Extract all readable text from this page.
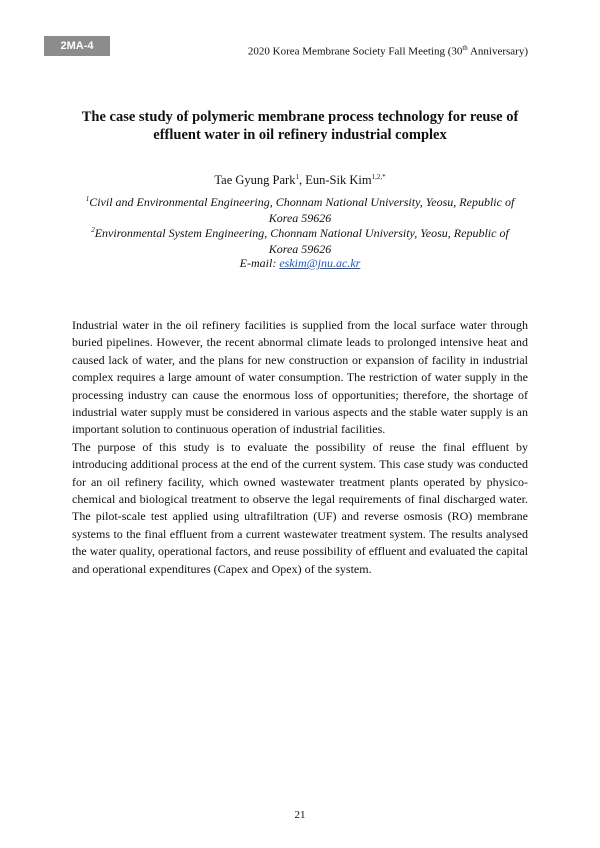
2MA-4	2020 Korea Membrane Society Fall Meeting (30th Anniversary)
The case study of polymeric membrane process technology for reuse of effluent water in oil refinery industrial complex
Tae Gyung Park$^1$, Eun-Sik Kim$^{1,2,*}$
$^1$Civil and Environmental Engineering, Chonnam National University, Yeosu, Republic of Korea 59626
$^2$Environmental System Engineering, Chonnam National University, Yeosu, Republic of Korea 59626
E-mail: eskim@jnu.ac.kr

Industrial water in the oil refinery facilities is supplied from the local surface water through buried pipelines. However, the recent abnormal climate leads to prolonged intensive heat and caused lack of water, and the plans for new construction or expansion of facility in industrial complex requires a large amount of water consumption. The restriction of water supply in the processing industry can cause the enormous loss of opportunities; therefore, the shortage of industrial water supply must be considered in various aspects and the stable water supply is an important solution to continuous operation of industrial facilities.

The purpose of this study is to evaluate the possibility of reuse the final effluent by introducing additional process at the end of the current system. This case study was conducted for an oil refinery facility, which owned wastewater treatment plants operated by physico-chemical and biological treatment to observe the legal requirements of final discharged water. The pilot-scale test applied using ultrafiltration (UF) and reverse osmosis (RO) membrane systems to the final effluent from a current wastewater treatment system. The results analysed the water quality, operational factors, and reuse possibility of effluent and evaluated the capital and operational expenditures (Capex and Opex) of the system.

21
